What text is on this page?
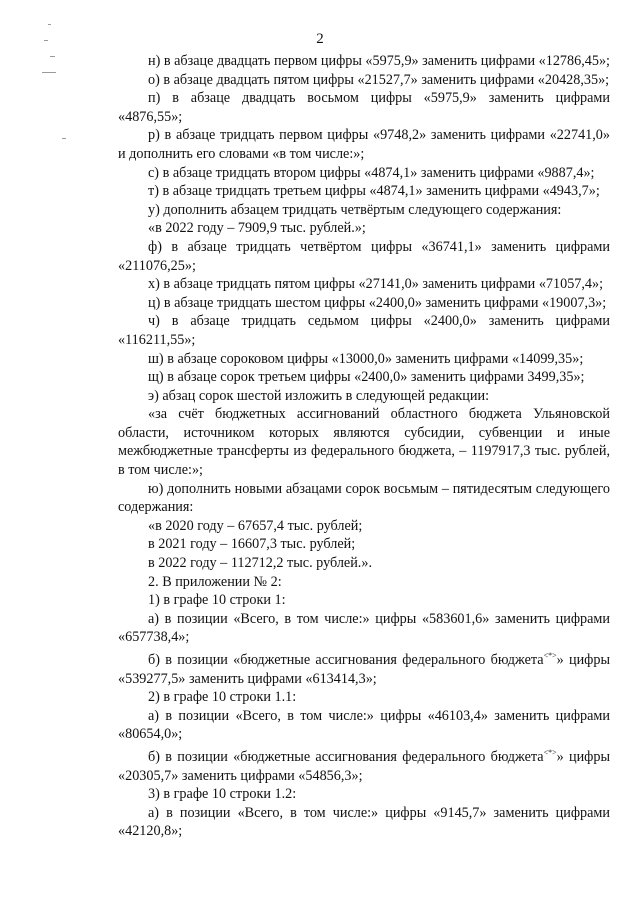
2
н) в абзаце двадцать первом цифры «5975,9» заменить цифрами «12786,45»;
о) в абзаце двадцать пятом цифры «21527,7» заменить цифрами «20428,35»;
п) в абзаце двадцать восьмом цифры «5975,9» заменить цифрами «4876,55»;
р) в абзаце тридцать первом цифры «9748,2» заменить цифрами «22741,0» и дополнить его словами «в том числе:»;
с) в абзаце тридцать втором цифры «4874,1» заменить цифрами «9887,4»;
т) в абзаце тридцать третьем цифры «4874,1» заменить цифрами «4943,7»;
у) дополнить абзацем тридцать четвёртым следующего содержания:
«в 2022 году – 7909,9 тыс. рублей.»;
ф) в абзаце тридцать четвёртом цифры «36741,1» заменить цифрами «211076,25»;
х) в абзаце тридцать пятом цифры «27141,0» заменить цифрами «71057,4»;
ц) в абзаце тридцать шестом цифры «2400,0» заменить цифрами «19007,3»;
ч) в абзаце тридцать седьмом цифры «2400,0» заменить цифрами «116211,55»;
ш) в абзаце сороковом цифры «13000,0» заменить цифрами «14099,35»;
щ) в абзаце сорок третьем цифры «2400,0» заменить цифрами 3499,35»;
э) абзац сорок шестой изложить в следующей редакции:
«за счёт бюджетных ассигнований областного бюджета Ульяновской области, источником которых являются субсидии, субвенции и иные межбюджетные трансферты из федерального бюджета, – 1197917,3 тыс. рублей, в том числе:»;
ю) дополнить новыми абзацами сорок восьмым – пятидесятым следующего содержания:
«в 2020 году – 67657,4 тыс. рублей;
в 2021 году – 16607,3 тыс. рублей;
в 2022 году – 112712,2 тыс. рублей.».
2. В приложении № 2:
1) в графе 10 строки 1:
а) в позиции «Всего, в том числе:» цифры «583601,6» заменить цифрами «657738,4»;
б) в позиции «бюджетные ассигнования федерального бюджета<*>» цифры «539277,5» заменить цифрами «613414,3»;
2) в графе 10 строки 1.1:
а) в позиции «Всего, в том числе:» цифры «46103,4» заменить цифрами «80654,0»;
б) в позиции «бюджетные ассигнования федерального бюджета<*>» цифры «20305,7» заменить цифрами «54856,3»;
3) в графе 10 строки 1.2:
а) в позиции «Всего, в том числе:» цифры «9145,7» заменить цифрами «42120,8»;
